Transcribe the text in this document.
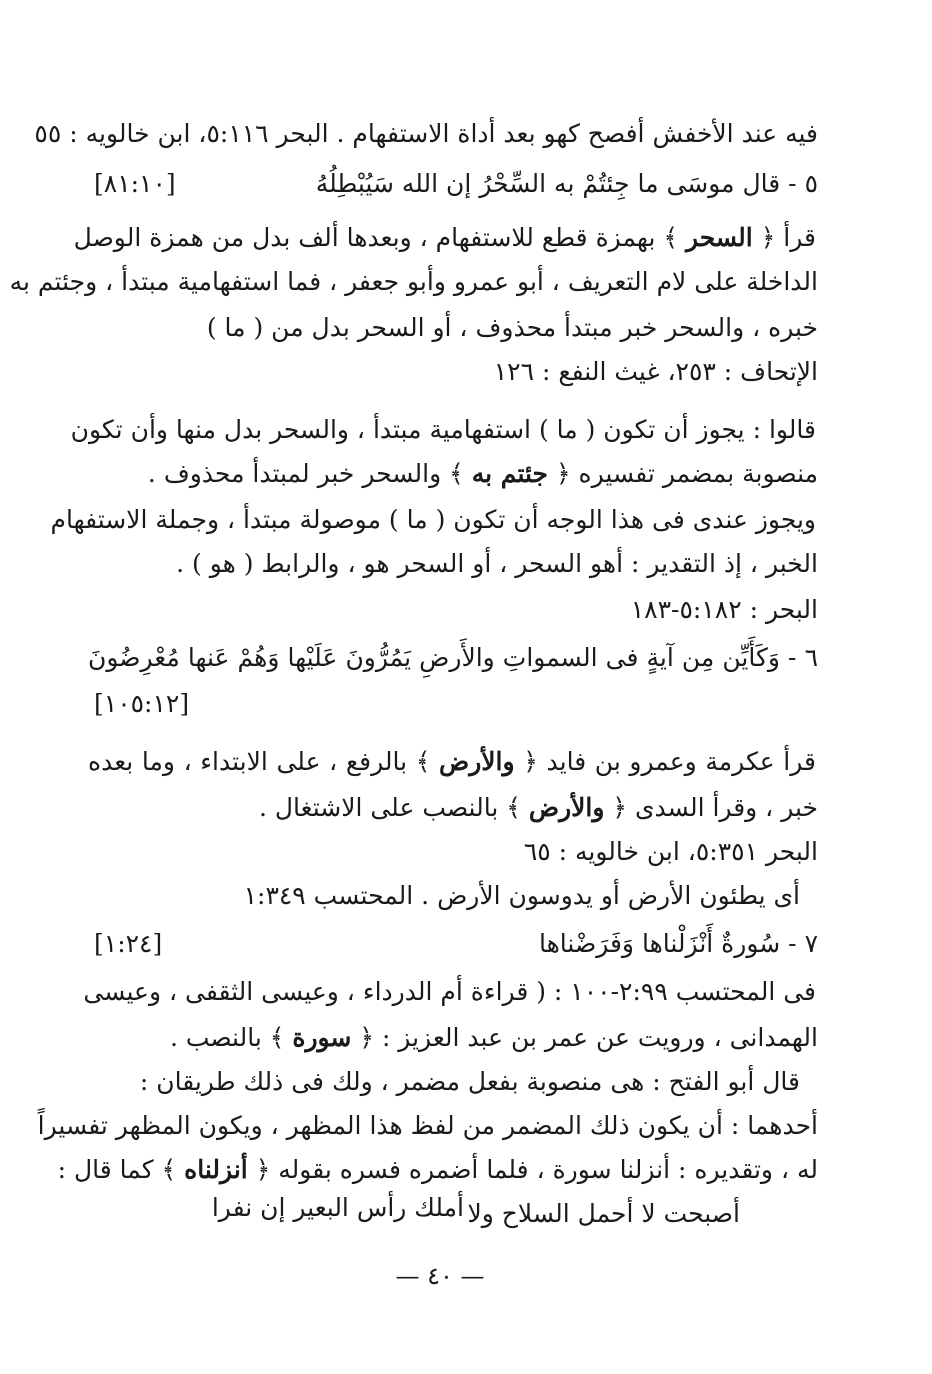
فيه عند الأخفش أفصح كهو بعد أداة الاستفهام . البحر ٥:١١٦، ابن خالويه : ٥٥
٥ - قال موسَى ما جِئتُمْ به السِّحْرُ إن الله سَيُبْطِلُهُ
[٨١:١٠]
قرأ ﴿ السحر ﴾ بهمزة قطع للاستفهام ، وبعدها ألف بدل من همزة الوصل
الداخلة على لام التعريف ، أبو عمرو وأبو جعفر ، فما استفهامية مبتدأ ، وجئتم به
خبره ، والسحر خبر مبتدأ محذوف ، أو السحر بدل من ( ما )
الإتحاف : ٢٥٣، غيث النفع : ١٢٦
قالوا : يجوز أن تكون ( ما ) استفهامية مبتدأ ، والسحر بدل منها وأن تكون
منصوبة بمضمر تفسيره ﴿ جئتم به ﴾ والسحر خبر لمبتدأ محذوف .
ويجوز عندى فى هذا الوجه أن تكون ( ما ) موصولة مبتدأ ، وجملة الاستفهام
الخبر ، إذ التقدير : أهو السحر ، أو السحر هو ، والرابط ( هو ) .
البحر : ٥:١٨٢-١٨٣
٦ - وَكَأَيِّن مِن آيةٍ فى السمواتِ والأَرضِ يَمُرُّونَ عَلَيْها وَهُمْ عَنها مُعْرِضُونَ
[١٠٥:١٢]
قرأ عكرمة وعمرو بن فايد ﴿ والأرض ﴾ بالرفع ، على الابتداء ، وما بعده
خبر ، وقرأ السدى ﴿ والأرض ﴾ بالنصب على الاشتغال .
البحر ٥:٣٥١، ابن خالويه : ٦٥
أى يطئون الأرض أو يدوسون الأرض . المحتسب ١:٣٤٩
٧ - سُورةٌ أَنْزَلْناها وَفَرَضْناها
[١:٢٤]
فى المحتسب ٢:٩٩-١٠٠ : ( قراءة أم الدرداء ، وعيسى الثقفى ، وعيسى
الهمدانى ، ورويت عن عمر بن عبد العزيز : ﴿ سورة ﴾ بالنصب .
قال أبو الفتح : هى منصوبة بفعل مضمر ، ولك فى ذلك طريقان :
أحدهما : أن يكون ذلك المضمر من لفظ هذا المظهر ، ويكون المظهر تفسيراً
له ، وتقديره : أنزلنا سورة ، فلما أضمره فسره بقوله ﴿ أنزلناه ﴾ كما قال :
أصبحت لا أحمل السلاح ولا
أملك رأس البعير إن نفرا
— ٤٠ —
